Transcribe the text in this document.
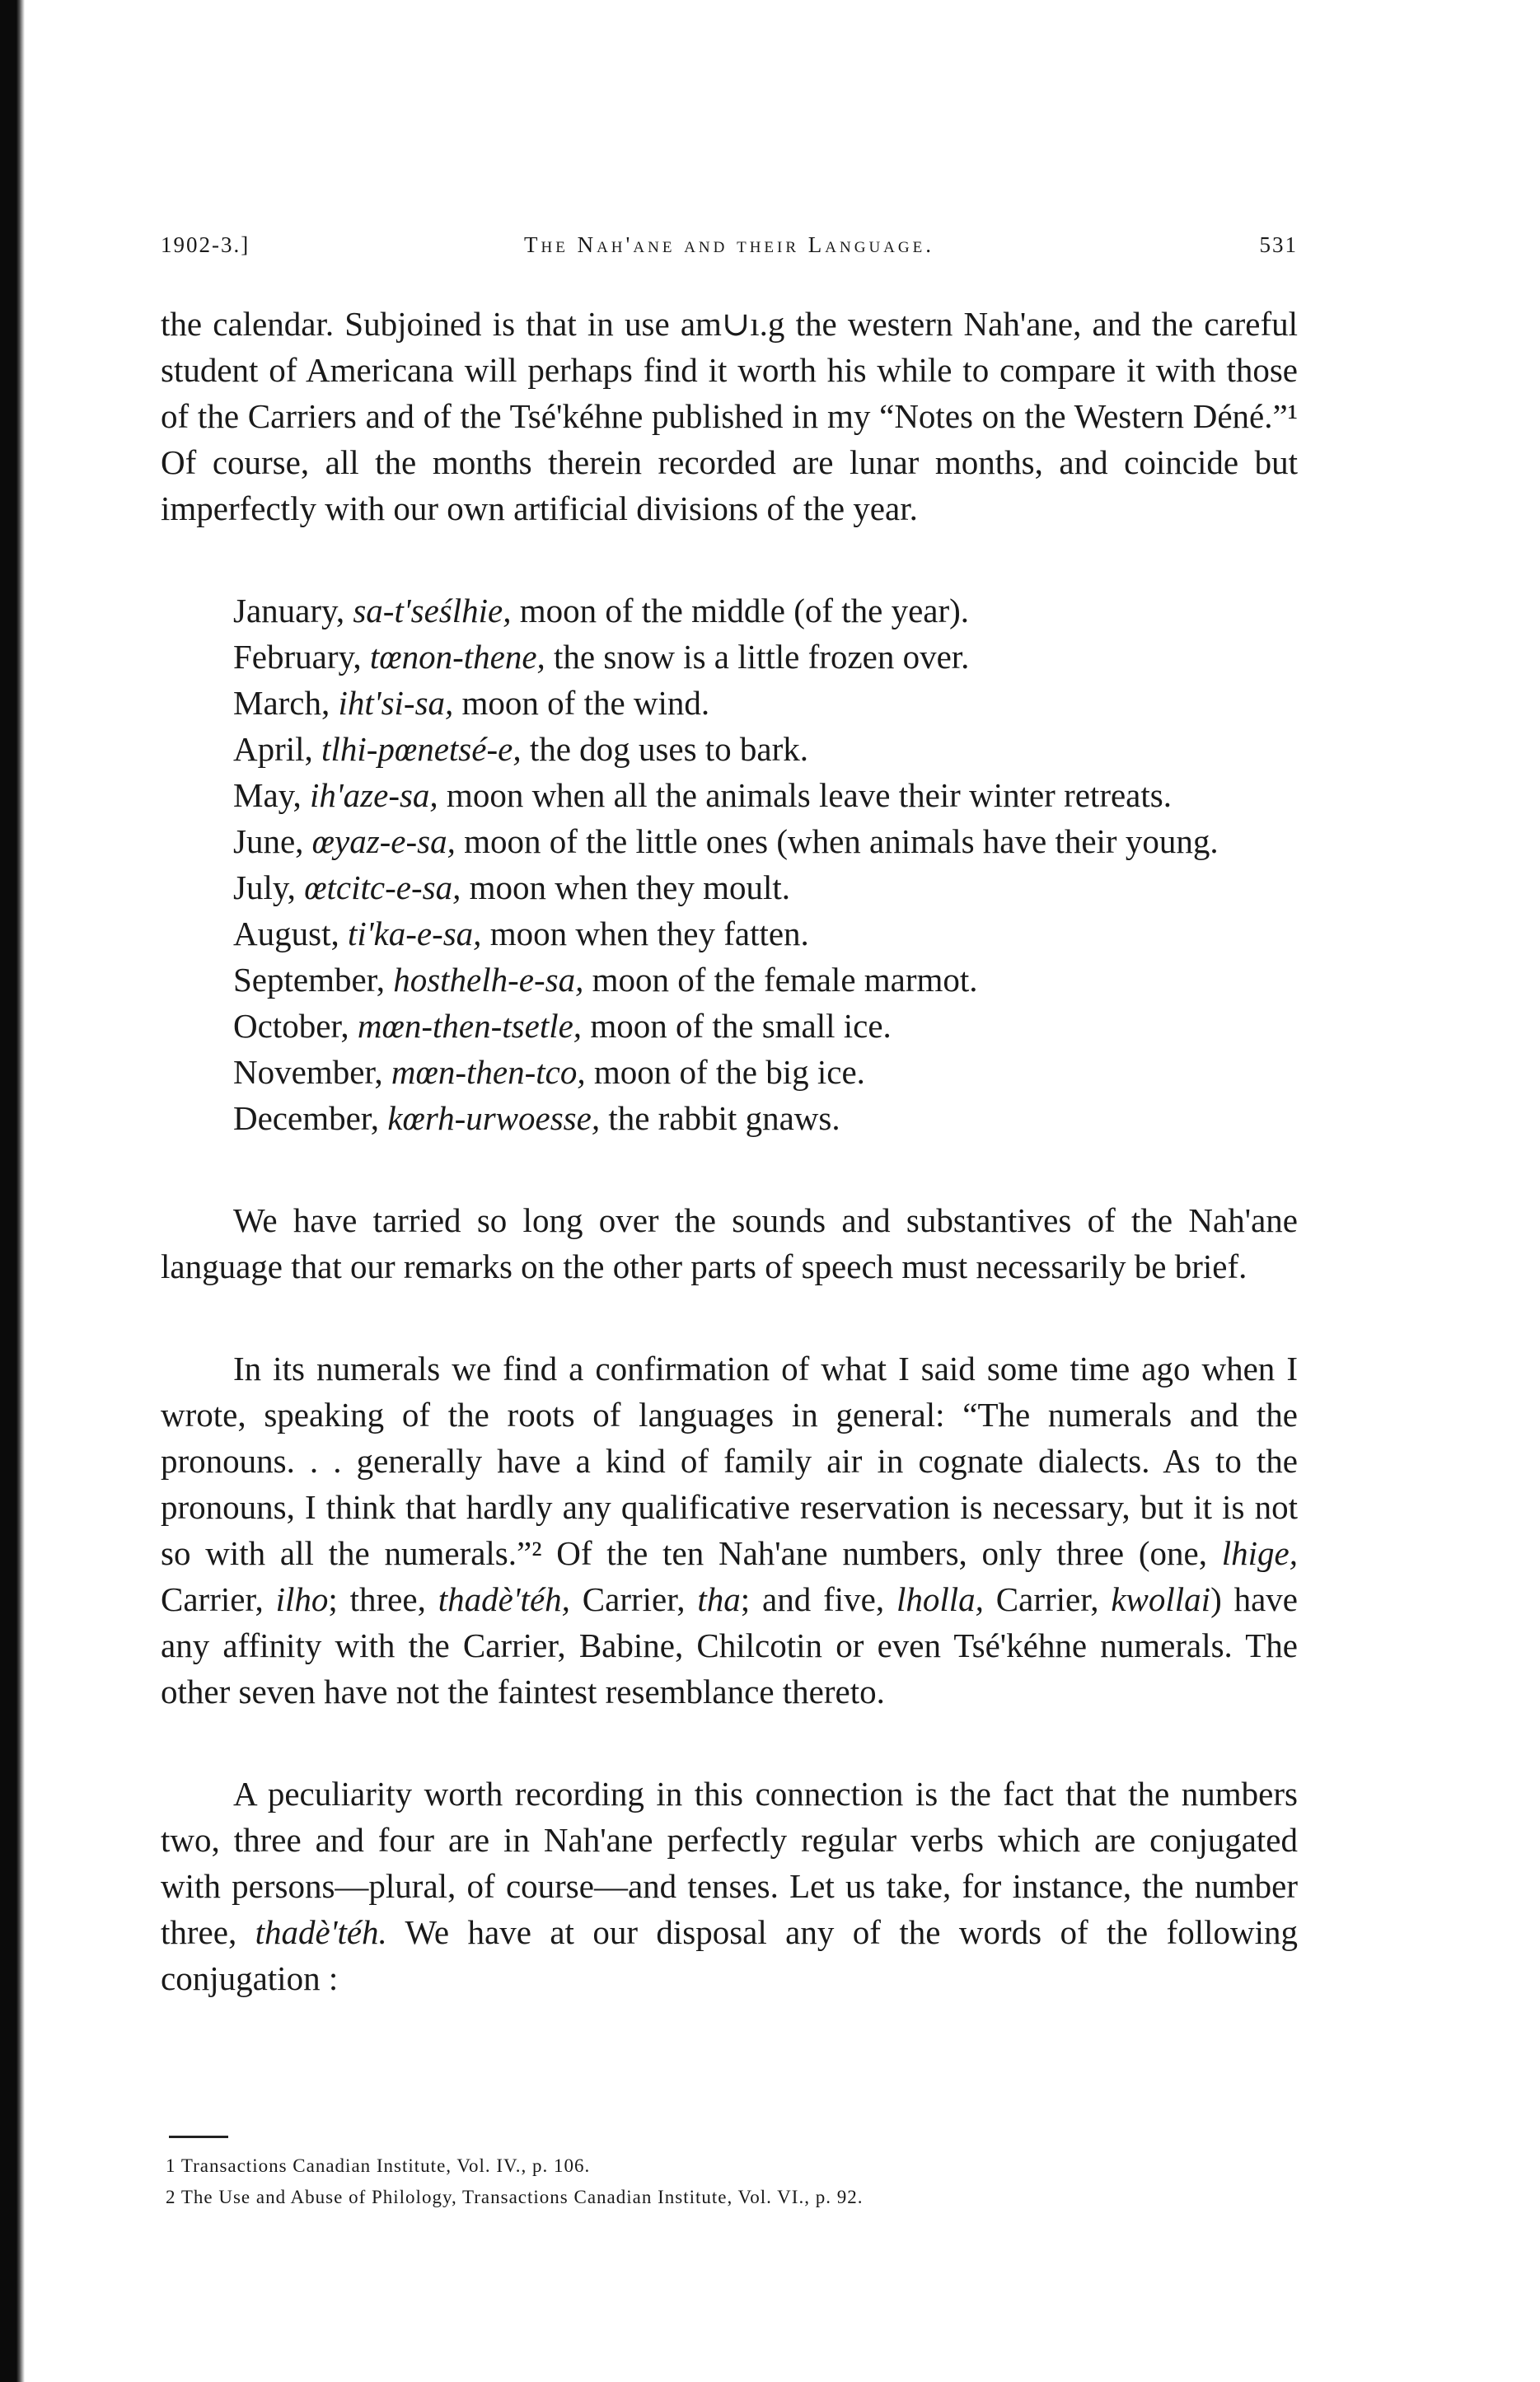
1902-3.]	The Nah'ane and their Language.	531

the calendar. Subjoined is that in use am∪ı.g the western Nah'ane, and the careful student of Americana will perhaps find it worth his while to compare it with those of the Carriers and of the Tsé'kéhne published in my “Notes on the Western Déné.”¹ Of course, all the months therein recorded are lunar months, and coincide but imperfectly with our own artificial divisions of the year.

January, sa-t'seślhie, moon of the middle (of the year).
February, tœnon-thene, the snow is a little frozen over.
March, iht'si-sa, moon of the wind.
April, tlhi-pœnetsé-e, the dog uses to bark.
May, ih'aze-sa, moon when all the animals leave their winter retreats.
June, œyaz-e-sa, moon of the little ones (when animals have their young.
July, œtcitc-e-sa, moon when they moult.
August, ti'ka-e-sa, moon when they fatten.
September, hosthelh-e-sa, moon of the female marmot.
October, mœn-then-tsetle, moon of the small ice.
November, mœn-then-tco, moon of the big ice.
December, kœrh-urwoesse, the rabbit gnaws.

We have tarried so long over the sounds and substantives of the Nah'ane language that our remarks on the other parts of speech must necessarily be brief.

In its numerals we find a confirmation of what I said some time ago when I wrote, speaking of the roots of languages in general: “The numerals and the pronouns. . . generally have a kind of family air in cognate dialects. As to the pronouns, I think that hardly any qualificative reservation is necessary, but it is not so with all the numerals.”² Of the ten Nah'ane numbers, only three (one, lhige, Carrier, ilho; three, thadè'téh, Carrier, tha; and five, lholla, Carrier, kwollai) have any affinity with the Carrier, Babine, Chilcotin or even Tsé'kéhne numerals. The other seven have not the faintest resemblance thereto.

A peculiarity worth recording in this connection is the fact that the numbers two, three and four are in Nah'ane perfectly regular verbs which are conjugated with persons—plural, of course—and tenses. Let us take, for instance, the number three, thadè'téh. We have at our disposal any of the words of the following conjugation :

1 Transactions Canadian Institute, Vol. IV., p. 106.
2 The Use and Abuse of Philology, Transactions Canadian Institute, Vol. VI., p. 92.
